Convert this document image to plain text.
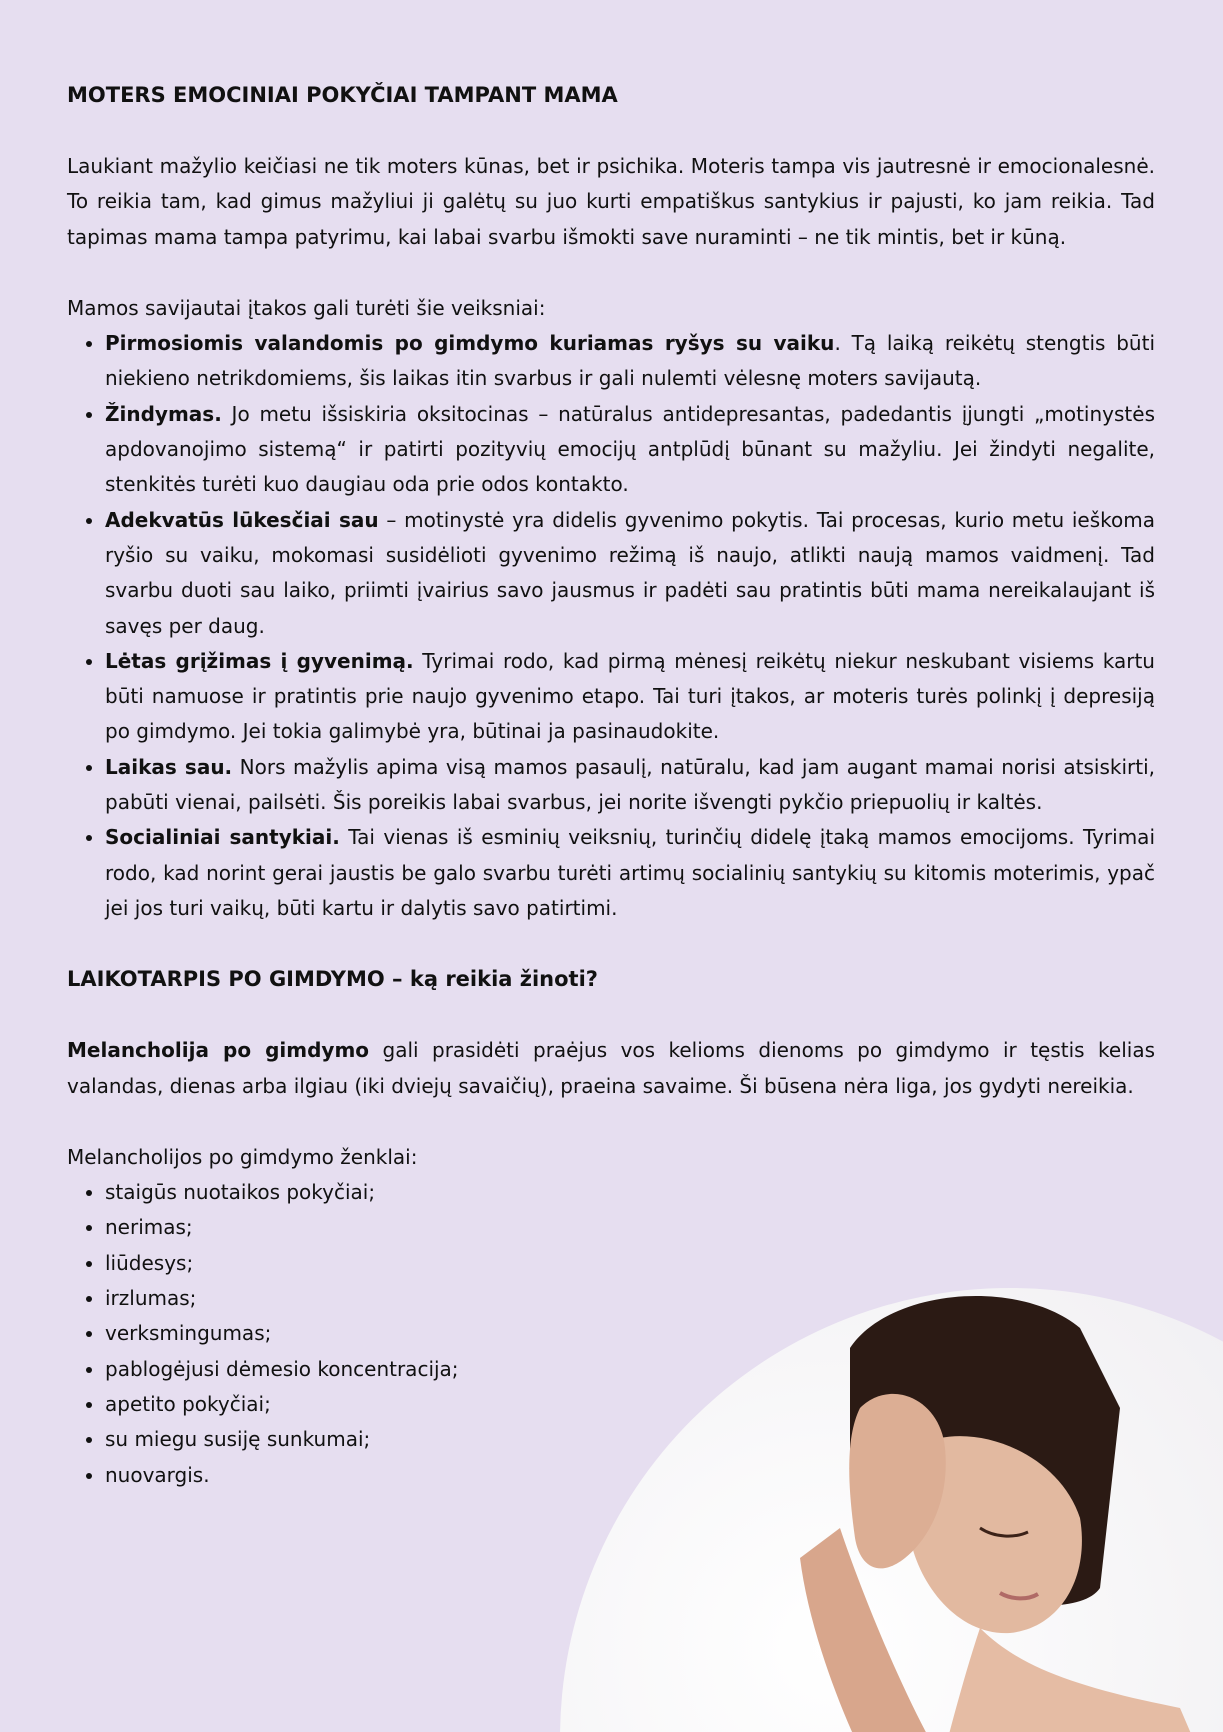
MOTERS EMOCINIAI POKYČIAI TAMPANT MAMA

Laukiant mažylio keičiasi ne tik moters kūnas, bet ir psichika. Moteris tampa vis jautresnė ir emocionalesnė. To reikia tam, kad gimus mažyliui ji galėtų su juo kurti empatiškus santykius ir pajusti, ko jam reikia. Tad tapimas mama tampa patyrimu, kai labai svarbu išmokti save nuraminti – ne tik mintis, bet ir kūną.

Mamos savijautai įtakos gali turėti šie veiksniai:

• Pirmosiomis valandomis po gimdymo kuriamas ryšys su vaiku. Tą laiką reikėtų stengtis būti niekieno netrikdomiems, šis laikas itin svarbus ir gali nulemti vėlesnę moters savijautą.
• Žindymas. Jo metu išsiskiria oksitocinas – natūralus antidepresantas, padedantis įjungti „motinystės apdovanojimo sistemą“ ir patirti pozityvių emocijų antplūdį būnant su mažyliu. Jei žindyti negalite, stenkitės turėti kuo daugiau oda prie odos kontakto.
• Adekvatūs lūkesčiai sau – motinystė yra didelis gyvenimo pokytis. Tai procesas, kurio metu ieškoma ryšio su vaiku, mokomasi susidėlioti gyvenimo režimą iš naujo, atlikti naują mamos vaidmenį. Tad svarbu duoti sau laiko, priimti įvairius savo jausmus ir padėti sau pratintis būti mama nereikalaujant iš savęs per daug.
• Lėtas grįžimas į gyvenimą. Tyrimai rodo, kad pirmą mėnesį reikėtų niekur neskubant visiems kartu būti namuose ir pratintis prie naujo gyvenimo etapo. Tai turi įtakos, ar moteris turės polinkį į depresiją po gimdymo. Jei tokia galimybė yra, būtinai ja pasinaudokite.
• Laikas sau. Nors mažylis apima visą mamos pasaulį, natūralu, kad jam augant mamai norisi atsiskirti, pabūti vienai, pailsėti. Šis poreikis labai svarbus, jei norite išvengti pykčio priepuolių ir kaltės.
• Socialiniai santykiai. Tai vienas iš esminių veiksnių, turinčių didelę įtaką mamos emocijoms. Tyrimai rodo, kad norint gerai jaustis be galo svarbu turėti artimų socialinių santykių su kitomis moterimis, ypač jei jos turi vaikų, būti kartu ir dalytis savo patirtimi.
LAIKOTARPIS PO GIMDYMO – ką reikia žinoti?

Melancholija po gimdymo gali prasidėti praėjus vos kelioms dienoms po gimdymo ir tęstis kelias valandas, dienas arba ilgiau (iki dviejų savaičių), praeina savaime. Ši būsena nėra liga, jos gydyti nereikia.

Melancholijos po gimdymo ženklai:

• staigūs nuotaikos pokyčiai;
• nerimas;
• liūdesys;
• irzlumas;
• verksmingumas;
• pablogėjusi dėmesio koncentracija;
• apetito pokyčiai;
• su miegu susiję sunkumai;
• nuovargis.
